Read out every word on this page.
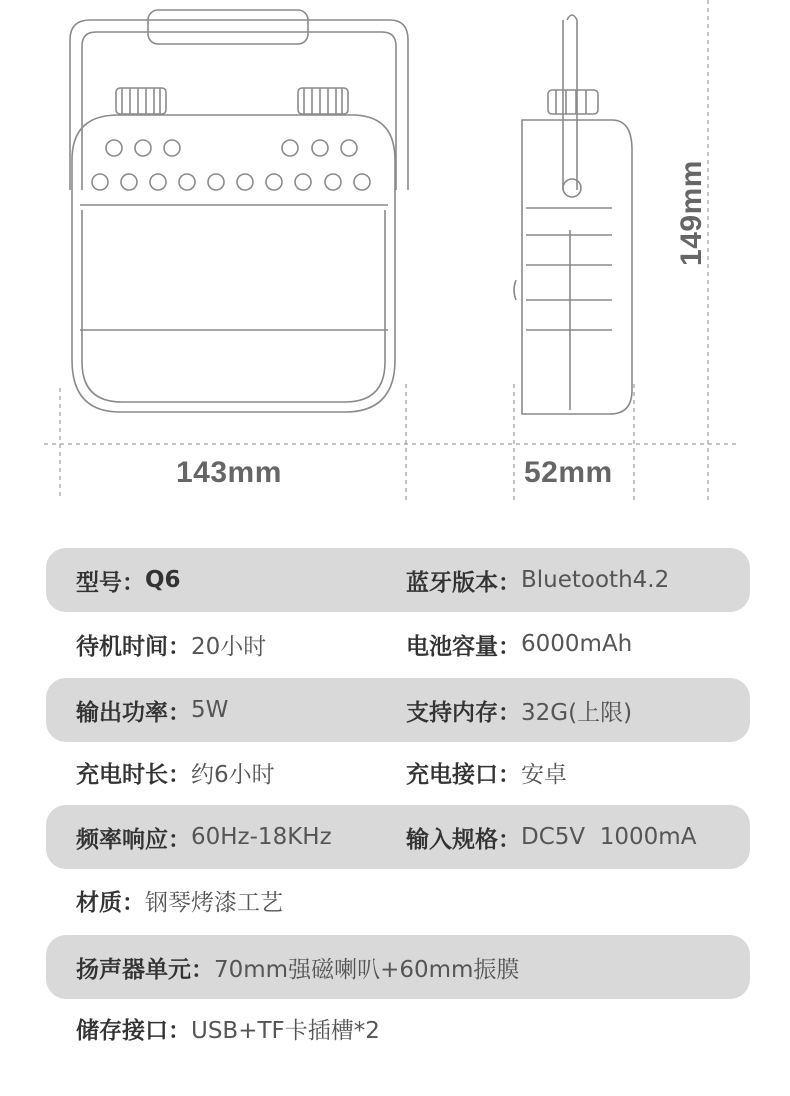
143mm	52mm
149mm
型号： Q6	蓝牙版本： Bluetooth4.2
待机时间： 20小时	电池容量： 6000mAh
输出功率： 5W	支持内存： 32G(上限)
充电时长： 约6小时	充电接口： 安卓
频率响应： 60Hz-18KHz	输入规格： DC5V  1000mA
材质： 钢琴烤漆工艺
扬声器单元： 70mm强磁喇叭+60mm振膜
储存接口： USB+TF卡插槽*2
